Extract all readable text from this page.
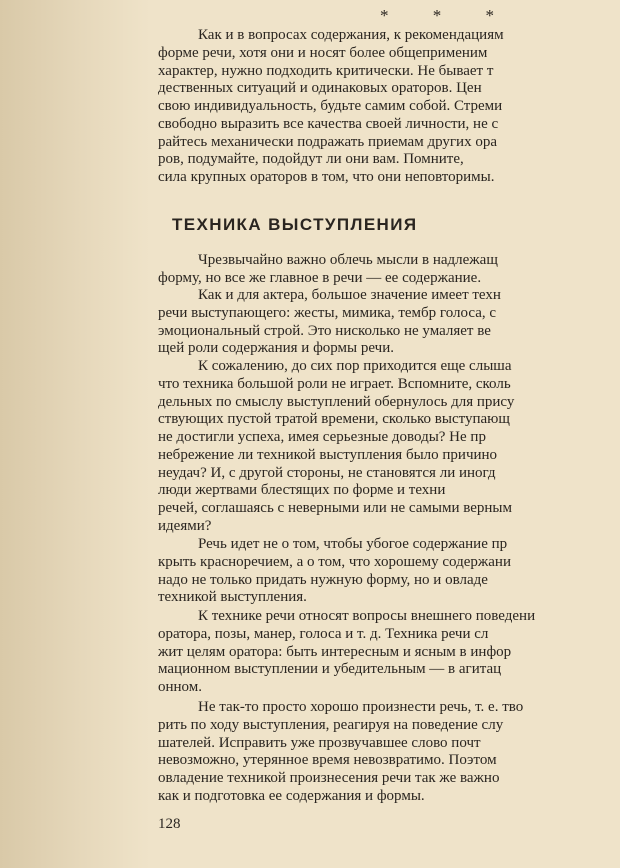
* * *
Как и в вопросах содержания, к рекомендациям
форме речи, хотя они и носят более общеприменим
характер, нужно подходить критически. Не бывает т
дественных ситуаций и одинаковых ораторов. Цен
свою индивидуальность, будьте самим собой. Стреми
свободно выразить все качества своей личности, не с
райтесь механически подражать приемам других ора
ров, подумайте, подойдут ли они вам. Помните,
сила крупных ораторов в том, что они неповторимы.
ТЕХНИКА ВЫСТУПЛЕНИЯ
Чрезвычайно важно облечь мысли в надлежащ
форму, но все же главное в речи — ее содержание.
Как и для актера, большое значение имеет техн
речи выступающего: жесты, мимика, тембр голоса, с
эмоциональный строй. Это нисколько не умаляет ве
щей роли содержания и формы речи.
К сожалению, до сих пор приходится еще слыша
что техника большой роли не играет. Вспомните, сколь
дельных по смыслу выступлений обернулось для прису
ствующих пустой тратой времени, сколько выступающ
не достигли успеха, имея серьезные доводы? Не пр
небрежение ли техникой выступления было причино
неудач? И, с другой стороны, не становятся ли иногд
люди жертвами блестящих по форме и техни
речей, соглашаясь с неверными или не самыми верным
идеями?
Речь идет не о том, чтобы убогое содержание пр
крыть красноречием, а о том, что хорошему содержани
надо не только придать нужную форму, но и овладе
техникой выступления.
К технике речи относят вопросы внешнего поведени
оратора, позы, манер, голоса и т. д. Техника речи сл
жит целям оратора: быть интересным и ясным в инфор
мационном выступлении и убедительным — в агитац
онном.
Не так-то просто хорошо произнести речь, т. е. тво
рить по ходу выступления, реагируя на поведение слу
шателей. Исправить уже прозвучавшее слово почт
невозможно, утерянное время невозвратимо. Поэтом
овладение техникой произнесения речи так же важно
как и подготовка ее содержания и формы.
128
